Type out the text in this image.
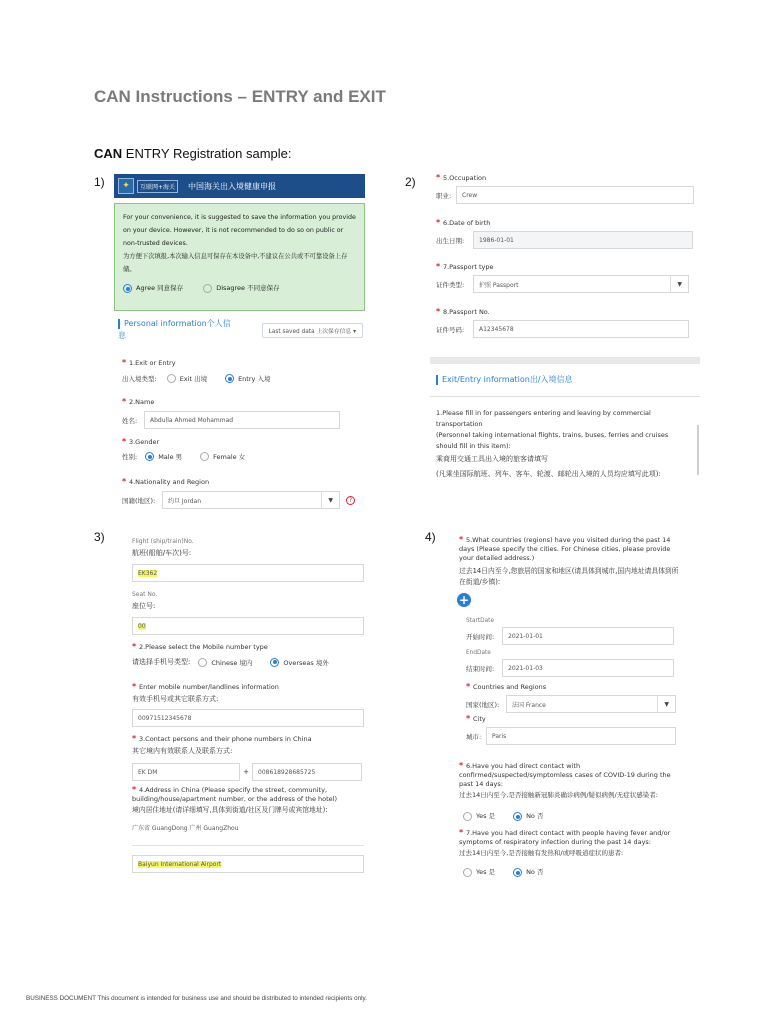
CAN Instructions – ENTRY and EXIT
CAN ENTRY Registration sample:
1)	2)
3)	4)
✦	互联网+海关	中国海关出入境健康申报
For your convenience, it is suggested to save the information you provide on your device. However, it is not recommended to do so on public or non-trusted devices.
为方便下次填报,本次输入信息可保存在本设备中,不建议在公共或不可靠设备上存储。
Agree 同意保存
	Disagree 不同意保存
Personal information个人信息	Last saved data 上次保存信息 ▾
* 1.Exit or Entry
出入境类型:	Exit 出境	Entry 入境
* 2.Name
姓名:	Abdulla Ahmed Mohammad
* 3.Gender
性别:	Male 男	Female 女
* 4.Nationality and Region
国籍(地区):	约旦 Jordan	▼	?
* 5.Occupation
职业:	Crew
* 6.Date of birth
出生日期:	1986-01-01
* 7.Passport type
证件类型:	护照 Passport	▼
* 8.Passport No.
证件号码:	A12345678
Exit/Entry information出/入境信息
1.Please fill in for passengers entering and leaving by commercial transportation
(Personnel taking international flights, trains, buses, ferries and cruises should fill in this item):
乘商用交通工具出入境的旅客请填写
(凡乘坐国际航班、列车、客车、轮渡、邮轮出入境的人员均应填写此项):
Flight (ship/train)No.
航班(船舶/车次)号:
EK362
Seat No.
座位号:
00
* 2.Please select the Mobile number type
请选择手机号类型:	Chinese 境内	Overseas 境外
* Enter mobile number/landlines information
有效手机号或其它联系方式:
00971512345678
* 3.Contact persons and their phone numbers in China
其它境内有效联系人及联系方式:
EK DM	+	008618928685725
* 4.Address in China (Please specify the street, community, building/house/apartment number, or the address of the hotel)
境内居住地址(请详细填写,具体到街道/社区及门牌号或宾馆地址):
广东省 GuangDong 广州 GuangZhou
Baiyun International Airport
* 5.What countries (regions) have you visited during the past 14 days (Please specify the cities. For Chinese cities, please provide your detailed address.)
过去14日内至今,您旅居的国家和地区(请具体到城市,国内地址请具体到所在街道/乡镇):
+
StartDate
开始时间:	2021-01-01
EndDate
结束时间:	2021-01-03
* Countries and Regions
国家(地区):	法国 France	▼
* City
城市:	Paris
* 6.Have you had direct contact with confirmed/suspected/symptomless cases of COVID-19 during the past 14 days:
过去14日内至今,是否接触新冠肺炎确诊病例/疑似病例/无症状感染者:
Yes 是	No 否
* 7.Have you had direct contact with people having fever and/or symptoms of respiratory infection during the past 14 days:
过去14日内至今,是否接触有发热和/或呼吸道症状的患者:
Yes 是	No 否
BUSINESS DOCUMENT This document is intended for business use and should be distributed to intended recipients only.
